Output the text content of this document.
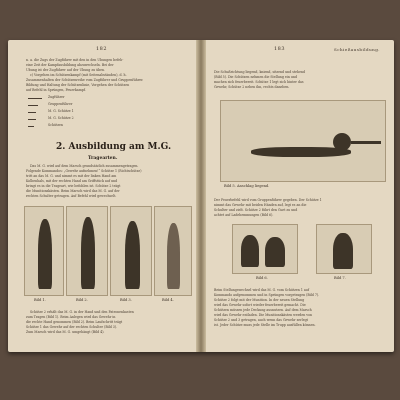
182

n. a. die Zugs der Zugführer mit den in den Übungen befeh-

eine Zeit der Kampfausbildung abzuwechseln. Bei der

Übung ist der Zugführer auf der Übung zu üben.

c) Vorgehen im Schützenkampf (mit Seitenabständen), d. h.

Zusammenhalten der Schützenreihe vom Zugführer und Gruppenführer.

Bildung und Haltung der Schützenlinie, Vorgehen der Schützen

auf Befehl in Sprüngen, Feuerkampf.

Zugführer

Gruppenführer

M. G. Schütze 1

M. G. Schütze 2

Schützen

2. Ausbildung am M.G.
Tragearten.

Das M. G. wird auf dem Marsch grundsätzlich zusammengetragen.

Folgende Kommandos: „Gewehr aufnehmen!“ Schütze 1 (Richtschütze)

tritt an das M. G. und nimmt es mit der linken Hand am

Kolbenhals, mit der rechten Hand am Griffstück auf und

bringt es in die Trageart, wie befohlen ist. Schütze 2 trägt

die Munitionskästen. Beim Marsch wird das M. G. auf der

rechten Schulter getragen. Auf Befehl wird gewechselt.

Bild 1.	Bild 2.	Bild 3.	Bild 4.

Schütze 2 erhält das M. G. in der Hand und den Patronenkasten

zum Tragen (Bild 1). Beim Anlegen wird das Gewehr in

die rechte Hand genommen (Bild 2). Beim Laufschritt trägt

Schütze 1 das Gewehr auf der rechten Schulter (Bild 3).

Zum Marsch wird das M. G. umgehängt (Bild 4).

183	Schießausbildung.

Die Schußrichtung liegend, kniend, sitzend und stehend

(Bild 5). Die Schützen nehmen die Stellung ein und

machen sich feuerbereit. Schütze 1 legt sich hinter das

Gewehr, Schütze 2 neben ihn, rechts daneben.

Bild 5. Anschlag liegend.

Der Feuerbefehl wird vom Gruppenführer gegeben. Der Schütze 1

nimmt das Gewehr mit beiden Händen auf, legt es an die

Schulter und zielt. Schütze 2 führt den Gurt zu und

achtet auf Ladehemmungen (Bild 6).

Bild 6.	Bild 7.

Beim Stellungswechsel wird das M. G. vom Schützen 1 auf

Kommando aufgenommen und in Sprüngen vorgetragen (Bild 7).

Schütze 2 folgt mit der Munition. In der neuen Stellung

wird das Gewehr sofort wieder feuerbereit gemacht. Die

Schützen müssen jede Deckung ausnutzen. Auf dem Marsch

wird das Gewehr entladen. Die Munitionskästen werden von

Schütze 2 und 3 getragen, auch wenn das Gewehr zerlegt

ist. Jeder Schütze muss jede Stelle im Trupp ausfüllen können.
